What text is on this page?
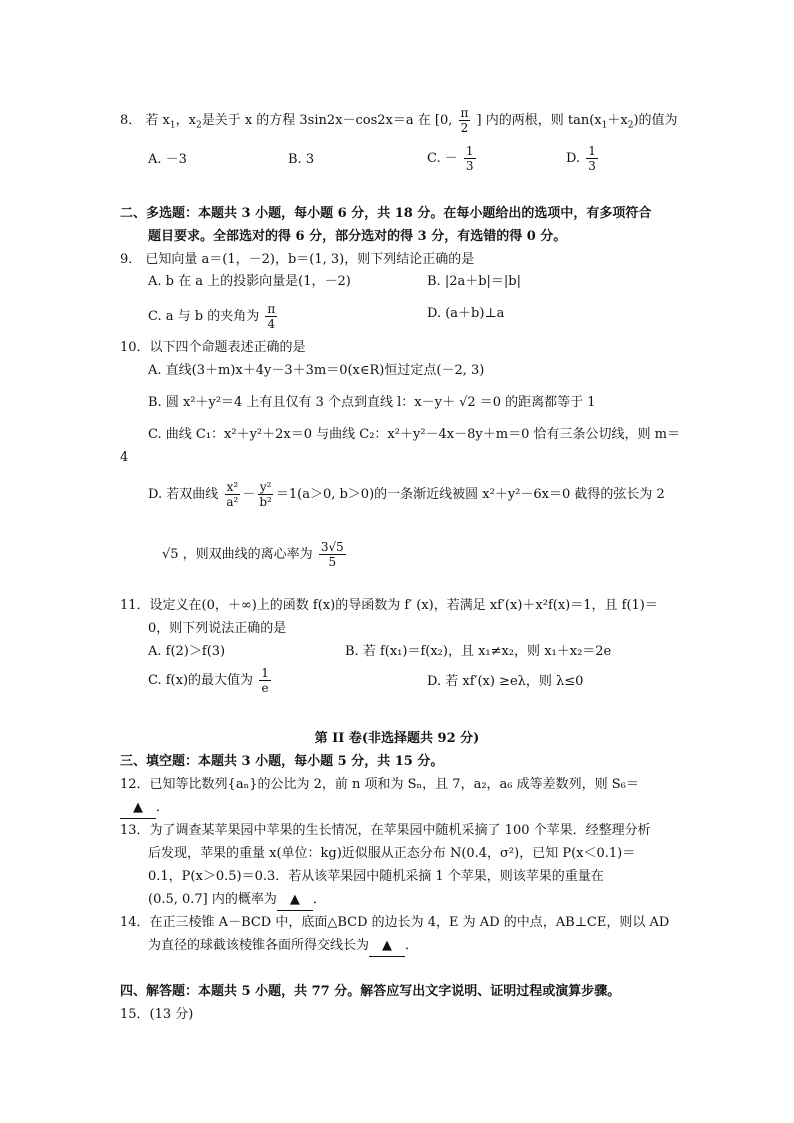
8． 若 $x_1$，$x_2$是关于 x 的方程 3sin2x－cos2x＝a 在 [0, $\frac{\pi}{2}$ ] 内的两根，则 $\tan(x_1+x_2)$的值为
A. －3	B. 3	C. － $\frac{1}{3}$	D. $\frac{1}{3}$
二、多选题：本题共 3 小题，每小题 6 分，共 18 分。在每小题给出的选项中，有多项符合
题目要求。全部选对的得 6 分，部分选对的得 3 分，有选错的得 0 分。
9． 已知向量 a＝(1，－2)，b＝(1, 3)，则下列结论正确的是
A. b 在 a 上的投影向量是(1，－2)	B. |2a＋b|＝|b|
C. a 与 b 的夹角为 $\frac{\pi}{4}$	D. (a＋b)⊥a
10．以下四个命题表述正确的是
A. 直线(3＋m)x＋4y－3＋3m＝0(x∈R)恒过定点(－2, 3)
B. 圆 x²＋y²＝4 上有且仅有 3 个点到直线 l：x－y＋ √2 ＝0 的距离都等于 1
C. 曲线 C₁：x²＋y²＋2x＝0 与曲线 C₂：x²＋y²－4x－8y＋m＝0 恰有三条公切线，则 m＝
4
D. 若双曲线 $\frac{\text{x²}}{\text{a²}} - \frac{\text{y²}}{\text{b²}} =1(a>0$, b＞0)的一条渐近线被圆 x²＋y²－6x＝0 截得的弦长为 2
√5 ，则双曲线的离心率为 $\frac{3√5}{5}$
11．设定义在(0，＋∞)上的函数 f(x)的导函数为 f′ (x)，若满足 xf′(x)＋x²f(x)＝1，且 f(1)＝
0，则下列说法正确的是
A. f(2)＞f(3)	B. 若 f(x₁)＝f(x₂)，且 x₁≠x₂，则 x₁＋x₂＝2e
C. f(x)的最大值为 $\frac{1}{e}$	D. 若 xf′(x) ≥eλ，则 λ≤0
第 II 卷(非选择题共 92 分)
三、填空题：本题共 3 小题，每小题 5 分，共 15 分。
12．已知等比数列{aₙ}的公比为 2，前 n 项和为 Sₙ，且 7，a₂，a₆ 成等差数列，则 S₆＝
▲ ．
13．为了调查某苹果园中苹果的生长情况，在苹果园中随机采摘了 100 个苹果．经整理分析
后发现，苹果的重量 x(单位：kg)近似服从正态分布 N(0.4，σ²)，已知 P(x＜0.1)＝
0.1，P(x＞0.5)＝0.3．若从该苹果园中随机采摘 1 个苹果，则该苹果的重量在
(0.5, 0.7] 内的概率为 ▲ ．
14．在正三棱锥 A－BCD 中，底面△BCD 的边长为 4，E 为 AD 的中点，AB⊥CE，则以 AD
为直径的球截该棱锥各面所得交线长为 ▲ ．
四、解答题：本题共 5 小题，共 77 分。解答应写出文字说明、证明过程或演算步骤。
15．(13 分)
